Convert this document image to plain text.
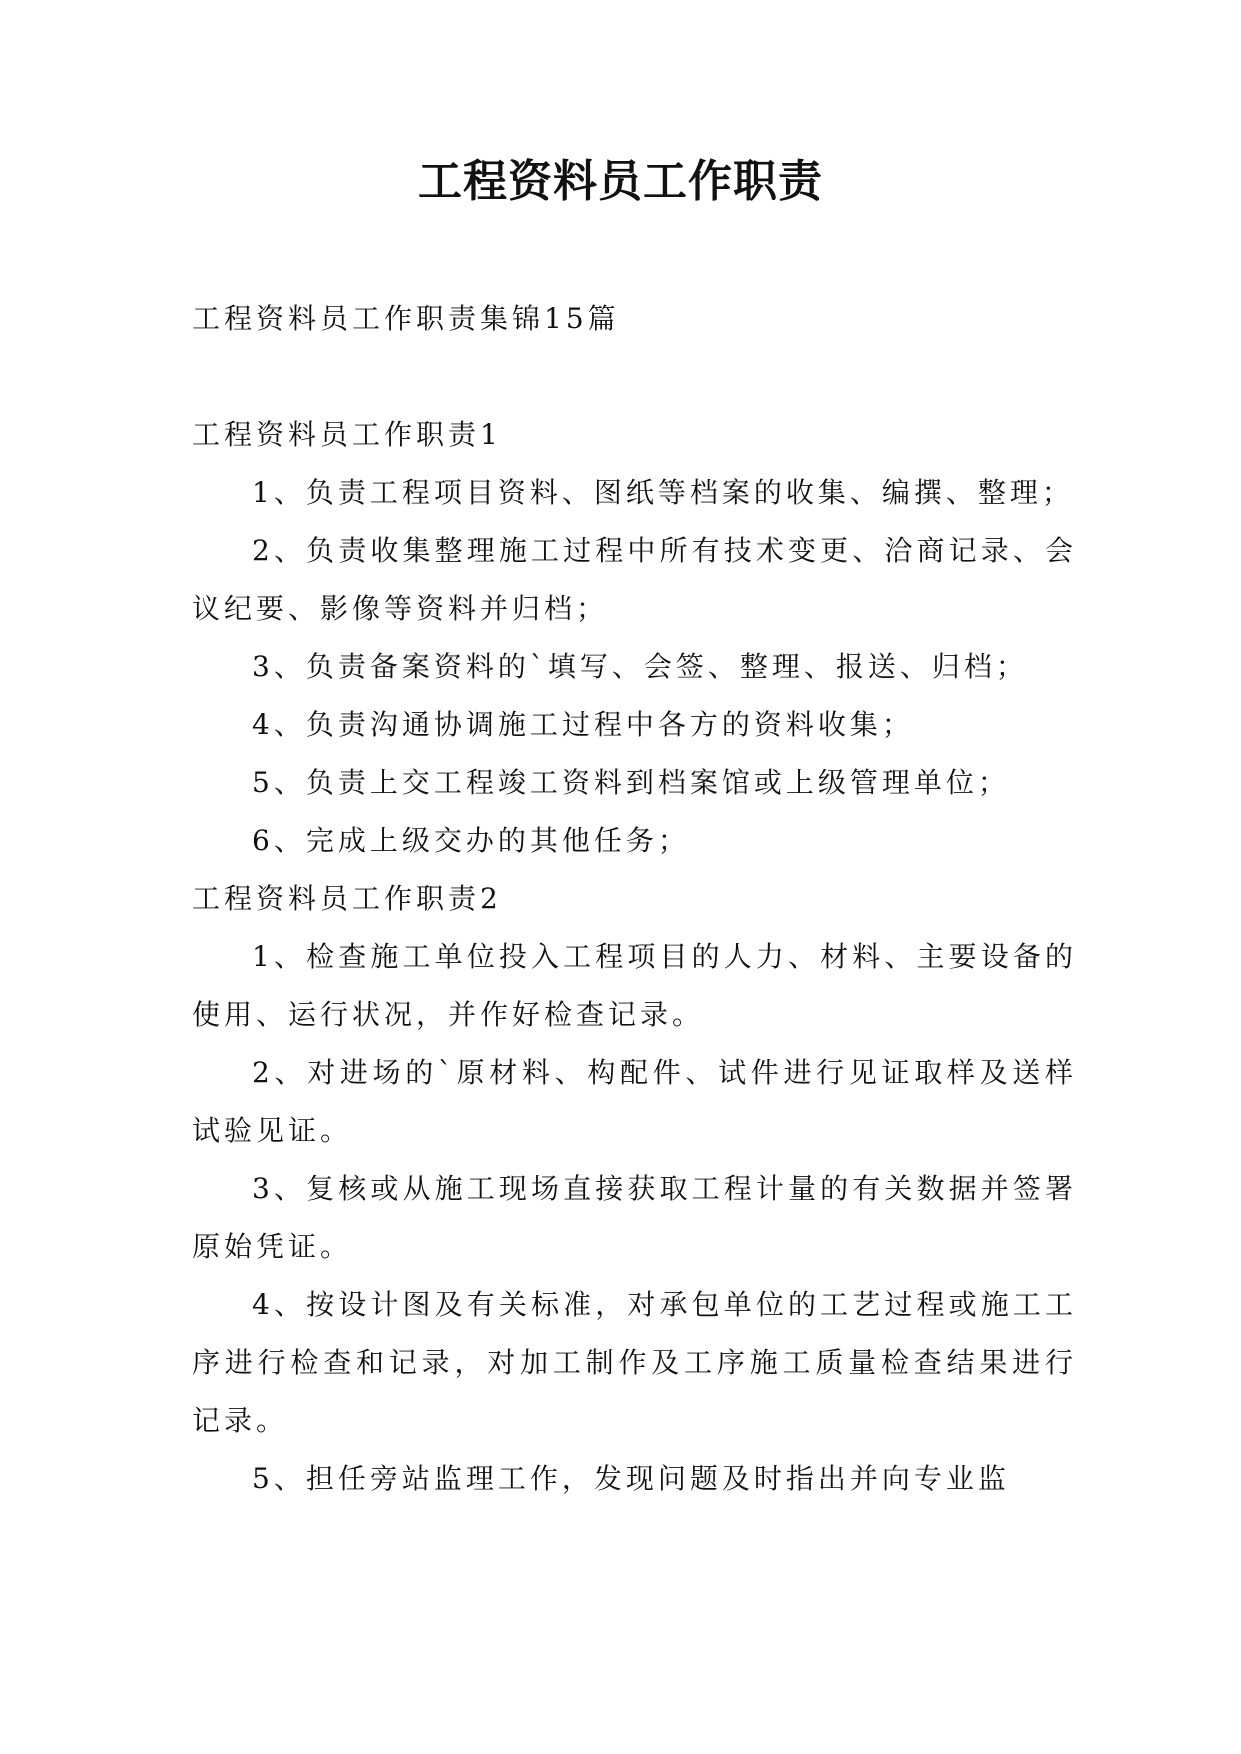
工程资料员工作职责

工程资料员工作职责集锦15篇

工程资料员工作职责1

1、负责工程项目资料、图纸等档案的收集、编撰、整理；

2、负责收集整理施工过程中所有技术变更、洽商记录、会议纪要、影像等资料并归档；

3、负责备案资料的`填写、会签、整理、报送、归档；

4、负责沟通协调施工过程中各方的资料收集；

5、负责上交工程竣工资料到档案馆或上级管理单位；

6、完成上级交办的其他任务；

工程资料员工作职责2

1、检查施工单位投入工程项目的人力、材料、主要设备的使用、运行状况，并作好检查记录。

2、对进场的`原材料、构配件、试件进行见证取样及送样试验见证。

3、复核或从施工现场直接获取工程计量的有关数据并签署原始凭证。

4、按设计图及有关标准，对承包单位的工艺过程或施工工序进行检查和记录，对加工制作及工序施工质量检查结果进行记录。

5、担任旁站监理工作，发现问题及时指出并向专业监
